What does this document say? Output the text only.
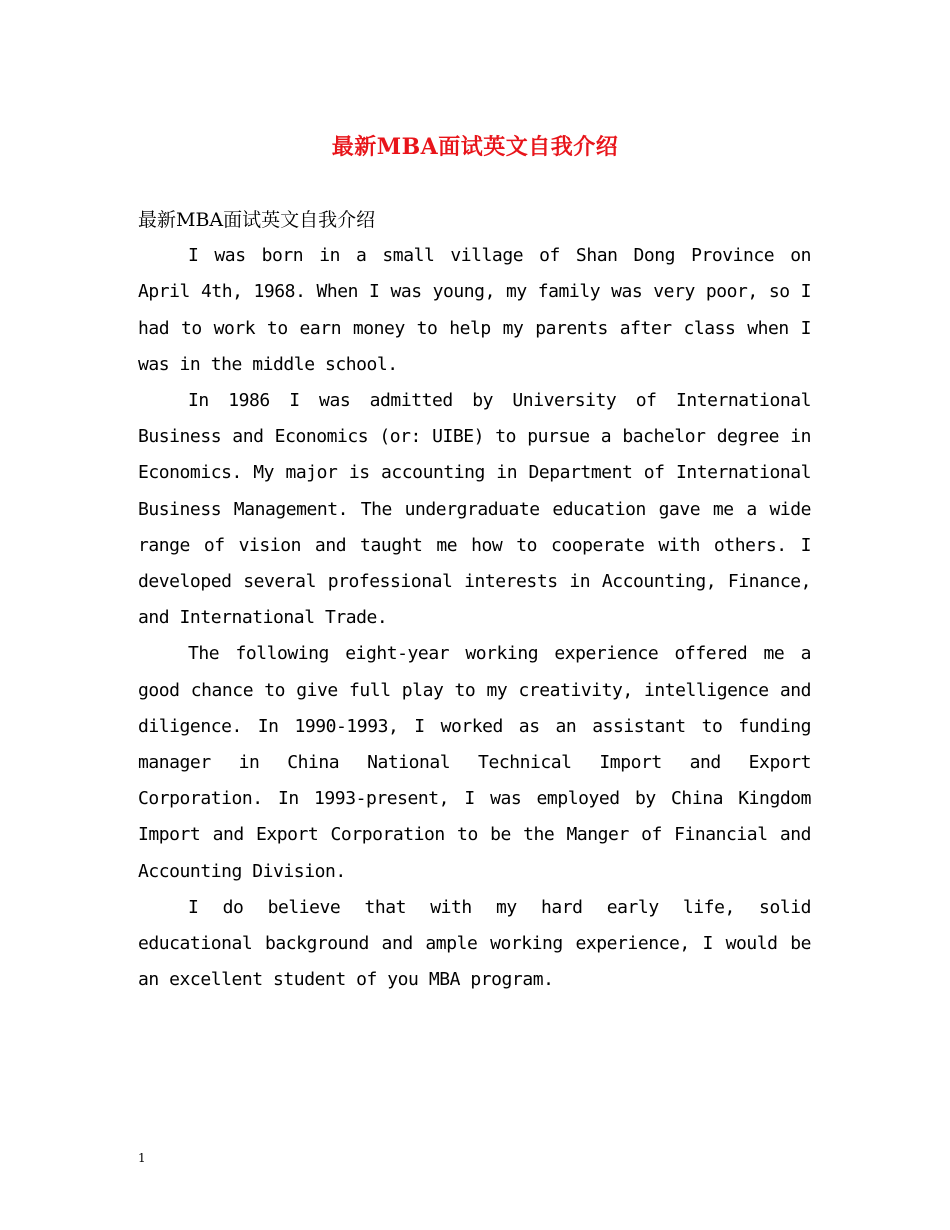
最新MBA面试英文自我介绍

最新MBA面试英文自我介绍

I was born in a small village of Shan Dong Province on April 4th, 1968. When I was young, my family was very poor, so I had to work to earn money to help my parents after class when I was in the middle school.

In 1986 I was admitted by University of International Business and Economics (or: UIBE) to pursue a bachelor degree in Economics. My major is accounting in Department of International Business Management. The undergraduate education gave me a wide range of vision and taught me how to cooperate with others. I developed several professional interests in Accounting, Finance, and International Trade.

The following eight-year working experience offered me a good chance to give full play to my creativity, intelligence and diligence. In 1990-1993, I worked as an assistant to funding manager in China National Technical Import and Export Corporation. In 1993-present, I was employed by China Kingdom Import and Export Corporation to be the Manger of Financial and Accounting Division.

I do believe that with my hard early life, solid educational background and ample working experience, I would be an excellent student of you MBA program.

1
